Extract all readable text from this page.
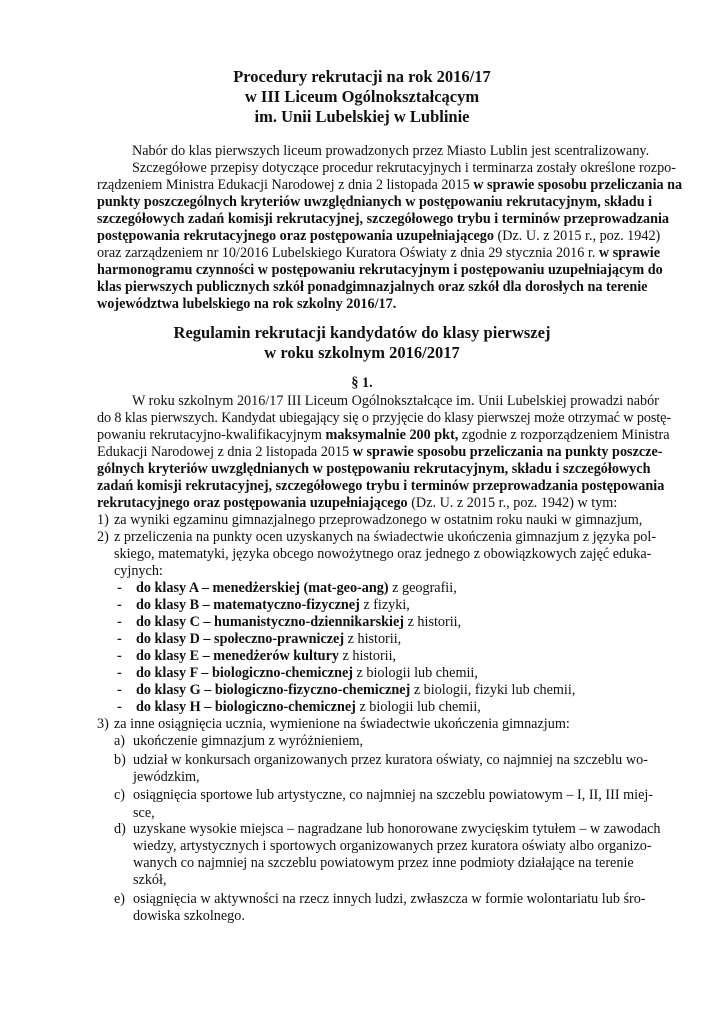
Procedury rekrutacji na rok 2016/17
w III Liceum Ogólnokształcącym
im. Unii Lubelskiej w Lublinie
Nabór do klas pierwszych liceum prowadzonych przez Miasto Lublin jest scentralizowany.
Szczegółowe przepisy dotyczące procedur rekrutacyjnych i terminarza zostały określone rozpo-
rządzeniem Ministra Edukacji Narodowej z dnia 2 listopada 2015 w sprawie sposobu przeliczania na
punkty poszczególnych kryteriów uwzględnianych w postępowaniu rekrutacyjnym, składu i
szczegółowych zadań komisji rekrutacyjnej, szczegółowego trybu i terminów przeprowadzania
postępowania rekrutacyjnego oraz postępowania uzupełniającego (Dz. U. z 2015 r., poz. 1942)
oraz zarządzeniem nr 10/2016 Lubelskiego Kuratora Oświaty z dnia 29 stycznia 2016 r. w sprawie
harmonogramu czynności w postępowaniu rekrutacyjnym i postępowaniu uzupełniającym do
klas pierwszych publicznych szkół ponadgimnazjalnych oraz szkół dla dorosłych na terenie
województwa lubelskiego na rok szkolny 2016/17.
Regulamin rekrutacji kandydatów do klasy pierwszej
w roku szkolnym 2016/2017
§ 1.
W roku szkolnym 2016/17 III Liceum Ogólnokształcące im. Unii Lubelskiej prowadzi nabór
do 8 klas pierwszych. Kandydat ubiegający się o przyjęcie do klasy pierwszej może otrzymać w postę-
powaniu rekrutacyjno-kwalifikacyjnym maksymalnie 200 pkt, zgodnie z rozporządzeniem Ministra
Edukacji Narodowej z dnia 2 listopada 2015 w sprawie sposobu przeliczania na punkty poszcze-
gólnych kryteriów uwzględnianych w postępowaniu rekrutacyjnym, składu i szczegółowych
zadań komisji rekrutacyjnej, szczegółowego trybu i terminów przeprowadzania postępowania
rekrutacyjnego oraz postępowania uzupełniającego (Dz. U. z 2015 r., poz. 1942) w tym:
1) za wyniki egzaminu gimnazjalnego przeprowadzonego w ostatnim roku nauki w gimnazjum,
2) z przeliczenia na punkty ocen uzyskanych na świadectwie ukończenia gimnazjum z języka pol-
skiego, matematyki, języka obcego nowożytnego oraz jednego z obowiązkowych zajęć eduka-
cyjnych:
- do klasy A – menedżerskiej (mat-geo-ang) z geografii,
- do klasy B – matematyczno-fizycznej z fizyki,
- do klasy C – humanistyczno-dziennikarskiej z historii,
- do klasy D – społeczno-prawniczej z historii,
- do klasy E – menedżerów kultury z historii,
- do klasy F – biologiczno-chemicznej z biologii lub chemii,
- do klasy G – biologiczno-fizyczno-chemicznej z biologii, fizyki lub chemii,
- do klasy H – biologiczno-chemicznej z biologii lub chemii,
3) za inne osiągnięcia ucznia, wymienione na świadectwie ukończenia gimnazjum:
a) ukończenie gimnazjum z wyróżnieniem,
b) udział w konkursach organizowanych przez kuratora oświaty, co najmniej na szczeblu wo-
jewódzkim,
c) osiągnięcia sportowe lub artystyczne, co najmniej na szczeblu powiatowym – I, II, III miej-
sce,
d) uzyskane wysokie miejsca – nagradzane lub honorowane zwycięskim tytułem – w zawodach
wiedzy, artystycznych i sportowych organizowanych przez kuratora oświaty albo organizo-
wanych co najmniej na szczeblu powiatowym przez inne podmioty działające na terenie
szkół,
e) osiągnięcia w aktywności na rzecz innych ludzi, zwłaszcza w formie wolontariatu lub śro-
dowiska szkolnego.
